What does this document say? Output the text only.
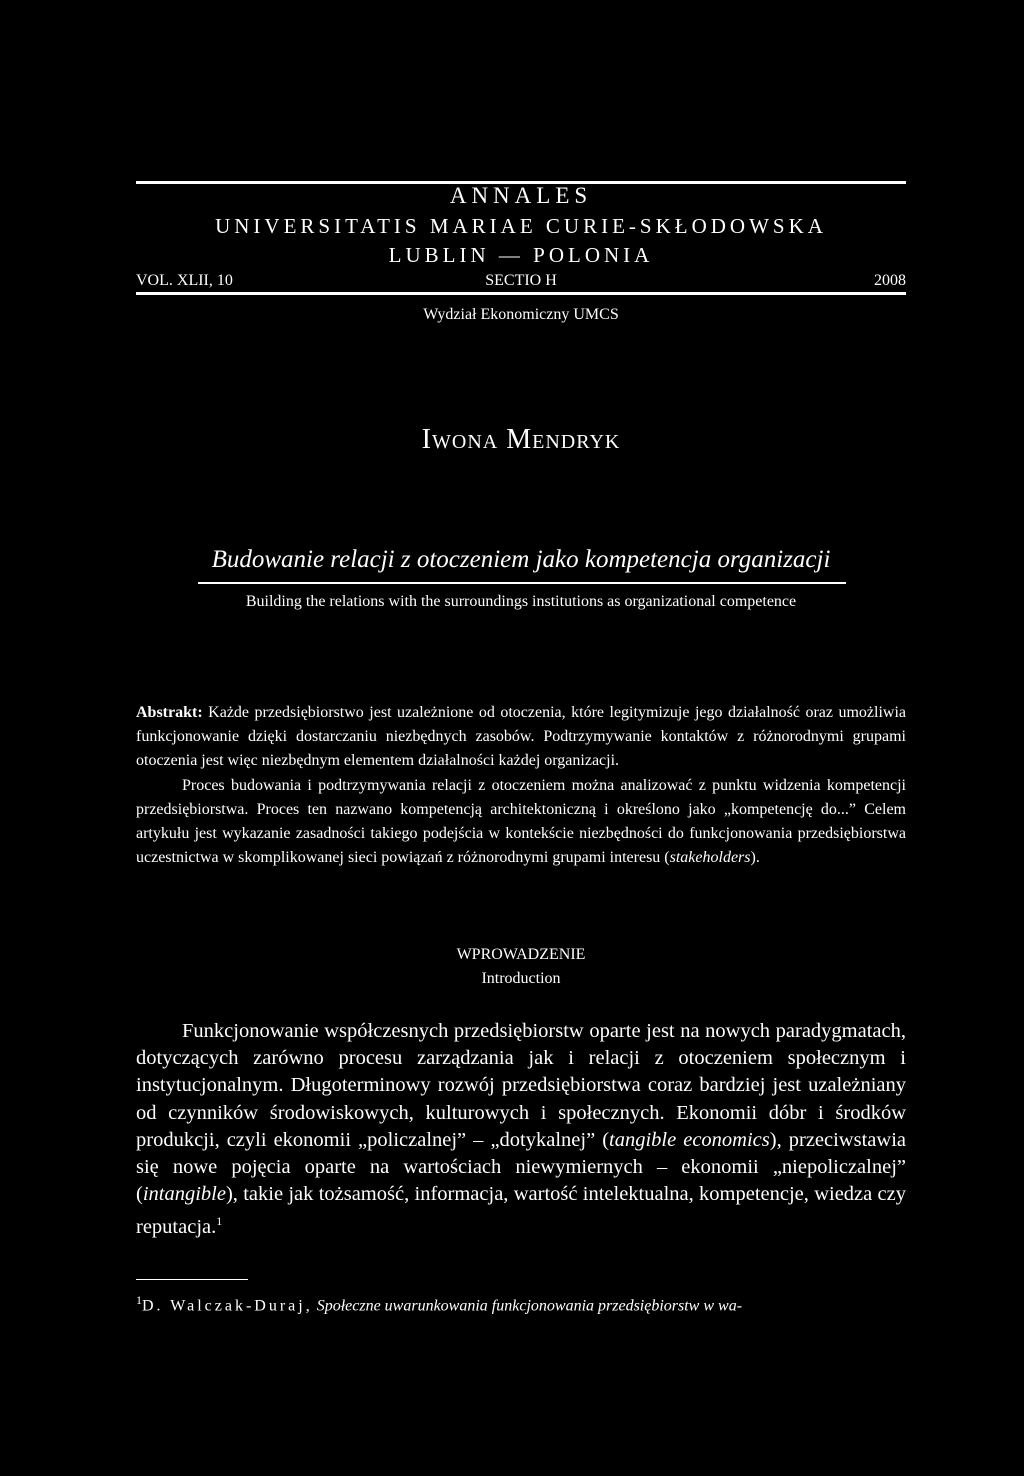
ANNALES
UNIVERSITATIS MARIAE CURIE-SKŁODOWSKA
LUBLIN — POLONIA
VOL. XLII, 10	SECTIO H	2008
Wydział Ekonomiczny UMCS
Iwona Mendryk
Budowanie relacji z otoczeniem jako kompetencja organizacji
Building the relations with the surroundings institutions as organizational competence

Abstrakt: Każde przedsiębiorstwo jest uzależnione od otoczenia, które legitymizuje jego działalność oraz umożliwia funkcjonowanie dzięki dostarczaniu niezbędnych zasobów. Podtrzymywanie kontaktów z różnorodnymi grupami otoczenia jest więc niezbędnym elementem działalności każdej organizacji.

Proces budowania i podtrzymywania relacji z otoczeniem można analizować z punktu widzenia kompetencji przedsiębiorstwa. Proces ten nazwano kompetencją architektoniczną i określono jako „kompetencję do...” Celem artykułu jest wykazanie zasadności takiego podejścia w kontekście niezbędności do funkcjonowania przedsiębiorstwa uczestnictwa w skomplikowanej sieci powiązań z różnorodnymi grupami interesu (stakeholders).

WPROWADZENIE
Introduction

Funkcjonowanie współczesnych przedsiębiorstw oparte jest na nowych paradygmatach, dotyczących zarówno procesu zarządzania jak i relacji z otoczeniem społecznym i instytucjonalnym. Długoterminowy rozwój przedsiębiorstwa coraz bardziej jest uzależniany od czynników środowiskowych, kulturowych i społecznych. Ekonomii dóbr i środków produkcji, czyli ekonomii „policzalnej” – „dotykalnej” (tangible economics), przeciwstawia się nowe pojęcia oparte na wartościach niewymiernych – ekonomii „niepoliczalnej” (intangible), takie jak tożsamość, informacja, wartość intelektualna, kompetencje, wiedza czy reputacja.$^1$

$^1$D. Walczak-Duraj, Społeczne uwarunkowania funkcjonowania przedsiębiorstw w wa-
